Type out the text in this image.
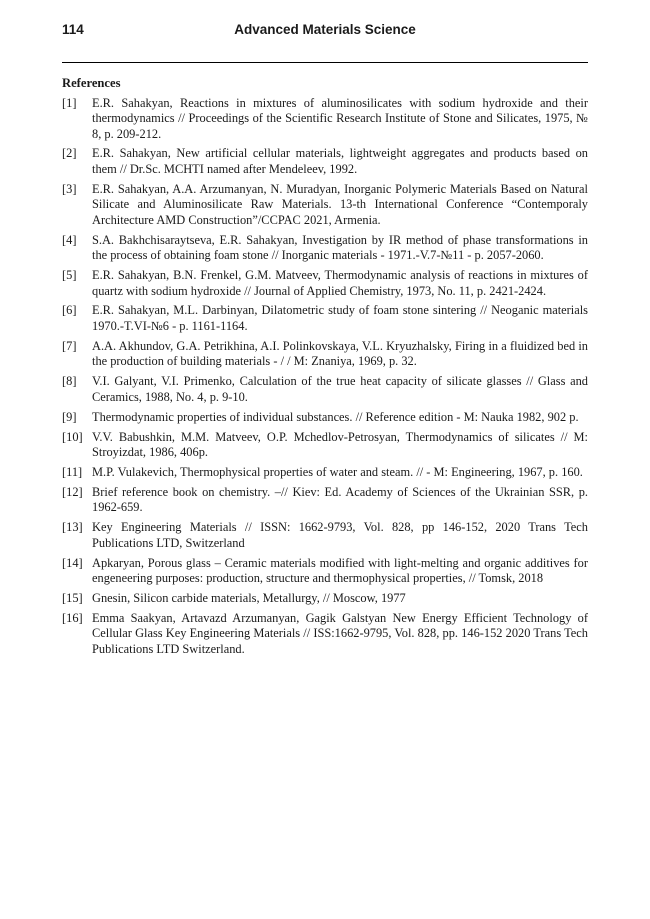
114	Advanced Materials Science
References
[1] E.R. Sahakyan, Reactions in mixtures of aluminosilicates with sodium hydroxide and their thermodynamics // Proceedings of the Scientific Research Institute of Stone and Silicates, 1975, № 8, p. 209-212.
[2] E.R. Sahakyan, New artificial cellular materials, lightweight aggregates and products based on them // Dr.Sc. MCHTI named after Mendeleev, 1992.
[3] E.R. Sahakyan, A.A. Arzumanyan, N. Muradyan, Inorganic Polymeric Materials Based on Natural Silicate and Aluminosilicate Raw Materials. 13-th International Conference “Contemporaly Architecture AMD Construction”/CCPAC 2021, Armenia.
[4] S.A. Bakhchisaraytseva, E.R. Sahakyan, Investigation by IR method of phase transformations in the process of obtaining foam stone // Inorganic materials - 1971.-V.7-№11 - p. 2057-2060.
[5] E.R. Sahakyan, B.N. Frenkel, G.M. Matveev, Thermodynamic analysis of reactions in mixtures of quartz with sodium hydroxide // Journal of Applied Chemistry, 1973, No. 11, p. 2421-2424.
[6] E.R. Sahakyan, M.L. Darbinyan, Dilatometric study of foam stone sintering // Neoganic materials 1970.-T.VI-№6 - p. 1161-1164.
[7] A.A. Akhundov, G.A. Petrikhina, A.I. Polinkovskaya, V.L. Kryuzhalsky, Firing in a fluidized bed in the production of building materials - / / M: Znaniya, 1969, p. 32.
[8] V.I. Galyant, V.I. Primenko, Calculation of the true heat capacity of silicate glasses // Glass and Ceramics, 1988, No. 4, p. 9-10.
[9] Thermodynamic properties of individual substances. // Reference edition - M: Nauka 1982, 902 p.
[10] V.V. Babushkin, M.M. Matveev, O.P. Mchedlov-Petrosyan, Thermodynamics of silicates // M: Stroyizdat, 1986, 406p.
[11] M.P. Vulakevich, Thermophysical properties of water and steam. // - M: Engineering, 1967, p. 160.
[12] Brief reference book on chemistry. –// Kiev: Ed. Academy of Sciences of the Ukrainian SSR, p. 1962-659.
[13] Key Engineering Materials // ISSN: 1662-9793, Vol. 828, pp 146-152, 2020 Trans Tech Publications LTD, Switzerland
[14] Apkaryan, Porous glass – Ceramic materials modified with light-melting and organic additives for engeneering purposes: production, structure and thermophysical properties, // Tomsk, 2018
[15] Gnesin, Silicon carbide materials, Metallurgy, // Moscow, 1977
[16] Emma Saakyan, Artavazd Arzumanyan, Gagik Galstyan New Energy Efficient Technology of Cellular Glass Key Engineering Materials // ISS:1662-9795, Vol. 828, pp. 146-152 2020 Trans Tech Publications LTD Switzerland.
